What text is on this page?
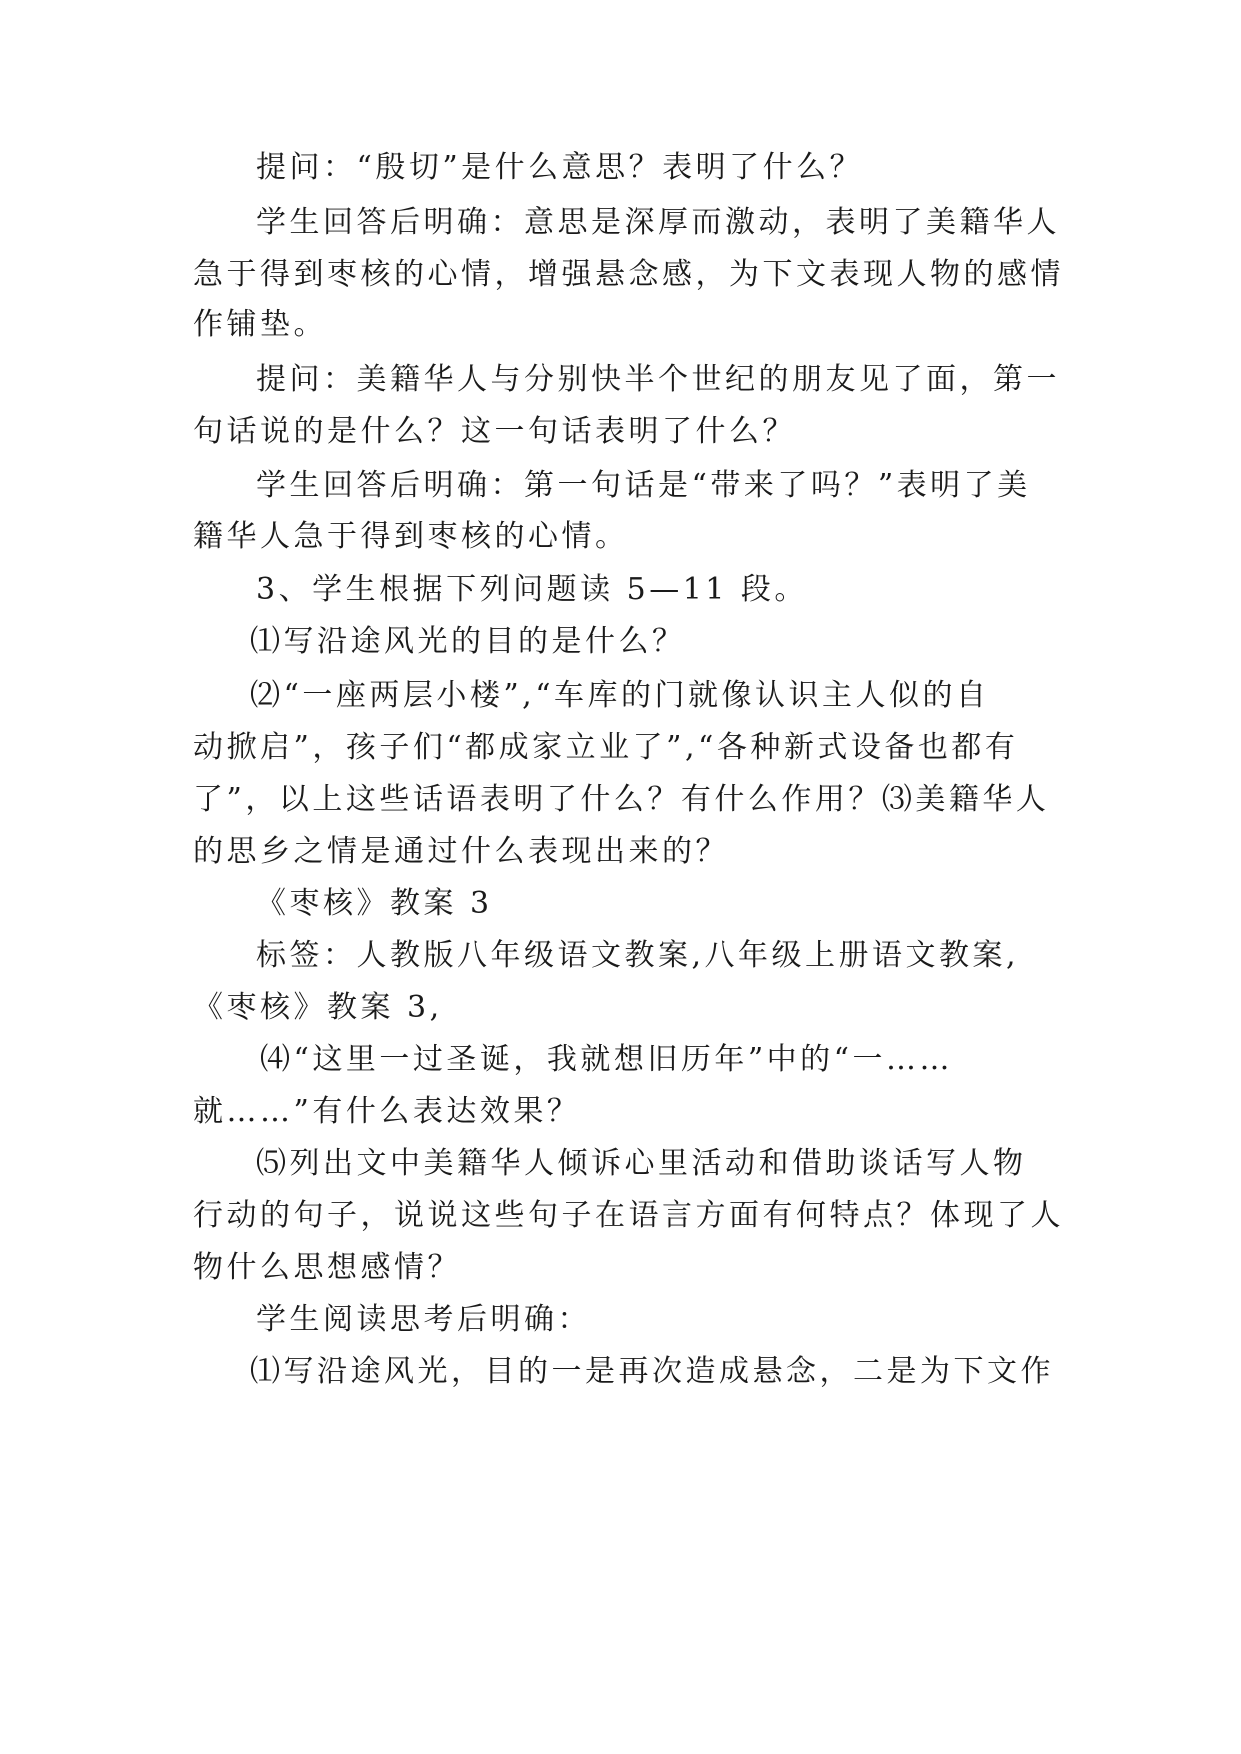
提问：“殷切”是什么意思？表明了什么？
学生回答后明确：意思是深厚而激动，表明了美籍华人
急于得到枣核的心情，增强悬念感，为下文表现人物的感情
作铺垫。
提问：美籍华人与分别快半个世纪的朋友见了面，第一
句话说的是什么？这一句话表明了什么？
学生回答后明确：第一句话是“带来了吗？”表明了美
籍华人急于得到枣核的心情。
3、学生根据下列问题读 5—11 段。
⑴写沿途风光的目的是什么？
⑵“一座两层小楼”,“车库的门就像认识主人似的自
动掀启”，孩子们“都成家立业了”,“各种新式设备也都有
了”，以上这些话语表明了什么？有什么作用？⑶美籍华人
的思乡之情是通过什么表现出来的？
《枣核》教案 3
标签：人教版八年级语文教案,八年级上册语文教案,
《枣核》教案 3,
⑷“这里一过圣诞，我就想旧历年”中的“一……
就……”有什么表达效果？
⑸列出文中美籍华人倾诉心里活动和借助谈话写人物
行动的句子，说说这些句子在语言方面有何特点？体现了人
物什么思想感情？
学生阅读思考后明确：
⑴写沿途风光，目的一是再次造成悬念，二是为下文作
